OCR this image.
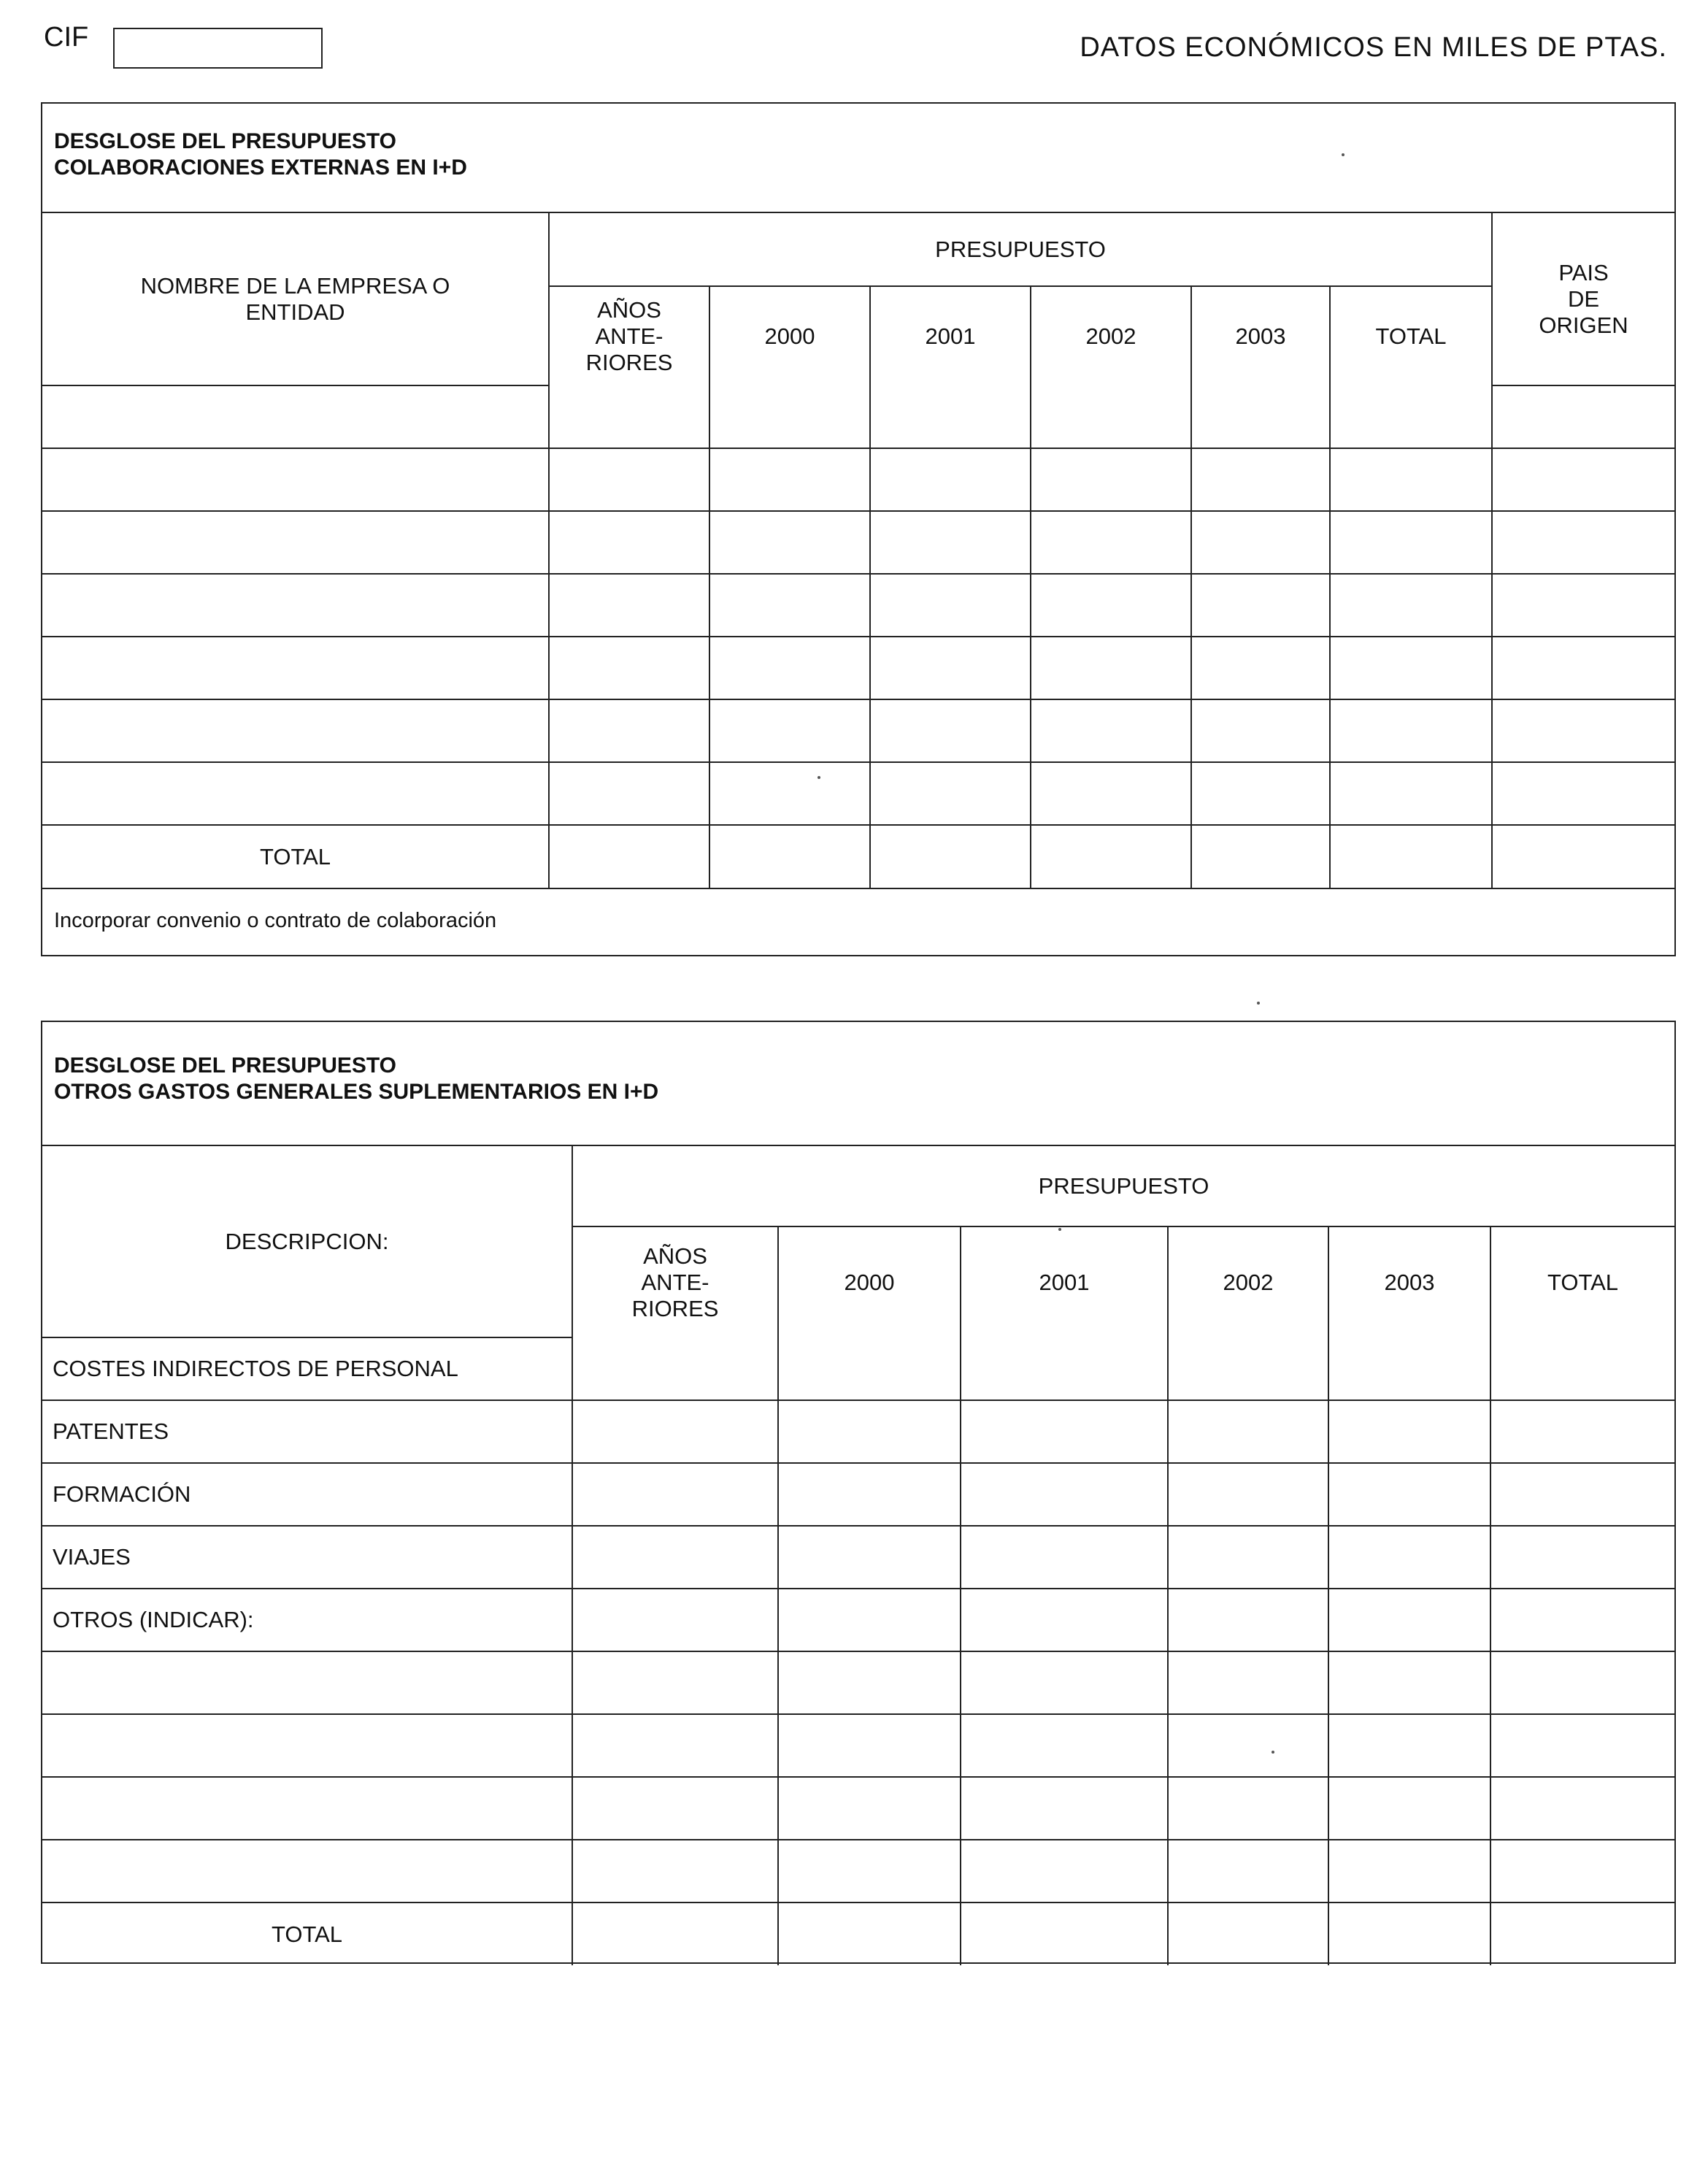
CIF	DATOS ECONÓMICOS EN MILES DE PTAS.
DESGLOSE DEL PRESUPUESTO
COLABORACIONES EXTERNAS EN I+D
NOMBRE DE LA EMPRESA O ENTIDAD	PRESUPUESTO						PAIS
DE
ORIGEN

	AÑOS
ANTE-
RIORES	2000	2001	2002	2003	TOTAL	

TOTAL							
Incorporar convenio o contrato de colaboración
DESGLOSE DEL PRESUPUESTO
OTROS GASTOS GENERALES SUPLEMENTARIOS EN I+D
DESCRIPCION:	PRESUPUESTO					

	AÑOS
ANTE-
RIORES	2000	2001	2002	2003	TOTAL
COSTES INDIRECTOS DE PERSONAL						
PATENTES						
FORMACIÓN						
VIAJES						
OTROS (INDICAR):						

TOTAL						
